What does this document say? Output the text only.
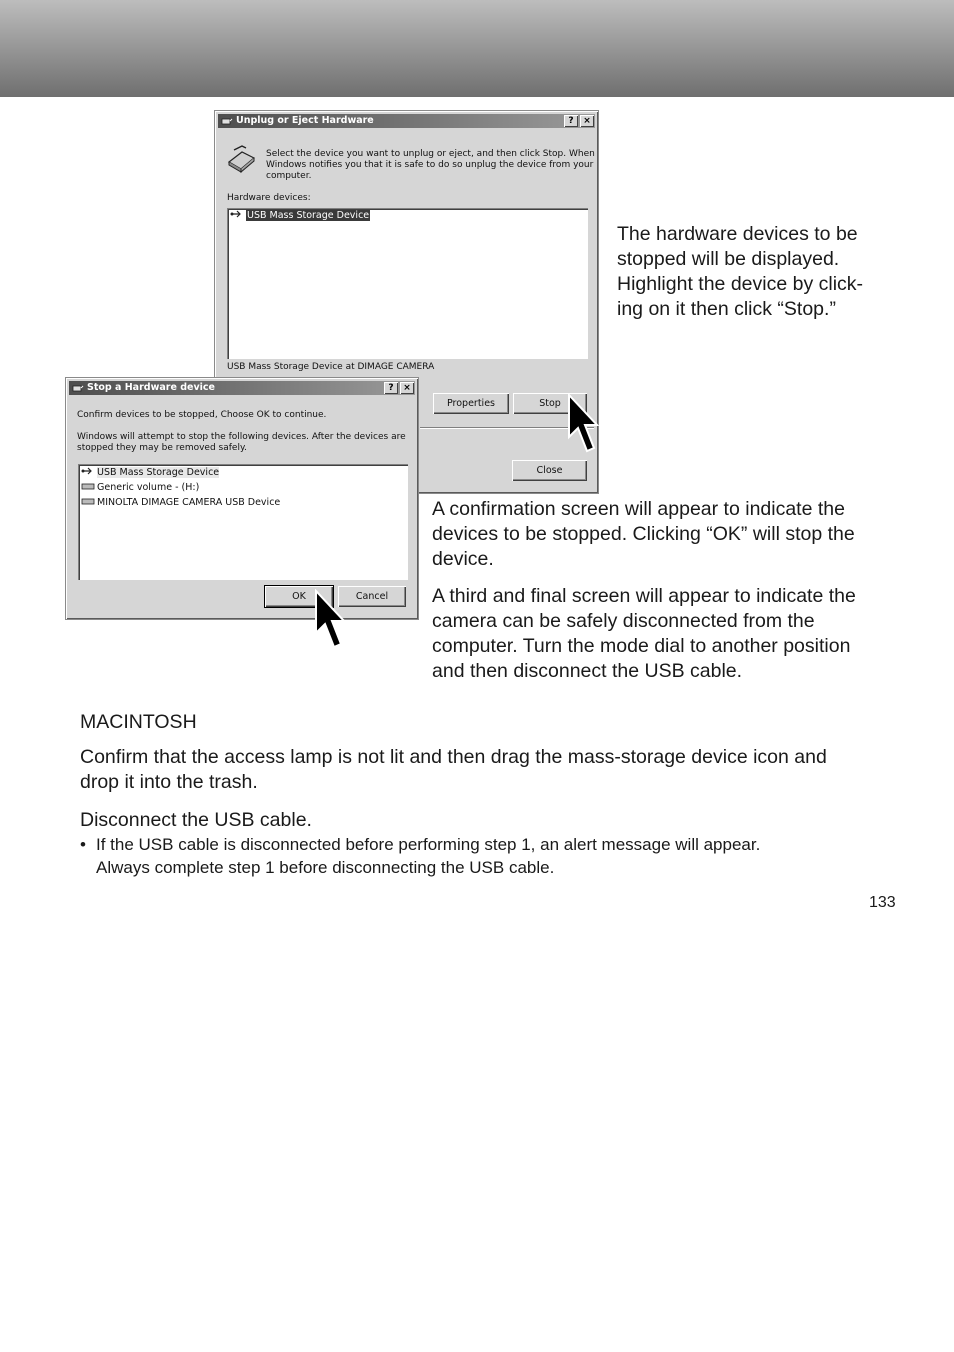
Unplug or Eject Hardware	?	×
Select the device you want to unplug or eject, and then click Stop. When
Windows notifies you that it is safe to do so unplug the device from your
computer.
Hardware devices:
USB Mass Storage Device
USB Mass Storage Device at DIMAGE CAMERA
Properties	Stop
Close
Stop a Hardware device	?	×
Confirm devices to be stopped, Choose OK to continue.
Windows will attempt to stop the following devices. After the devices are
stopped they may be removed safely.
USB Mass Storage Device
Generic volume - (H:)
MINOLTA DIMAGE CAMERA USB Device
OK	Cancel
The hardware devices to be
stopped will be displayed.
Highlight the device by click-
ing on it then click “Stop.”
A confirmation screen will appear to indicate the
devices to be stopped. Clicking “OK” will stop the
device.
A third and final screen will appear to indicate the
camera can be safely disconnected from the
computer. Turn the mode dial to another position
and then disconnect the USB cable.
MACINTOSH
Confirm that the access lamp is not lit and then drag the mass-storage device icon and
drop it into the trash.
Disconnect the USB cable.
• If the USB cable is disconnected before performing step 1, an alert message will appear.
Always complete step 1 before disconnecting the USB cable.
133
